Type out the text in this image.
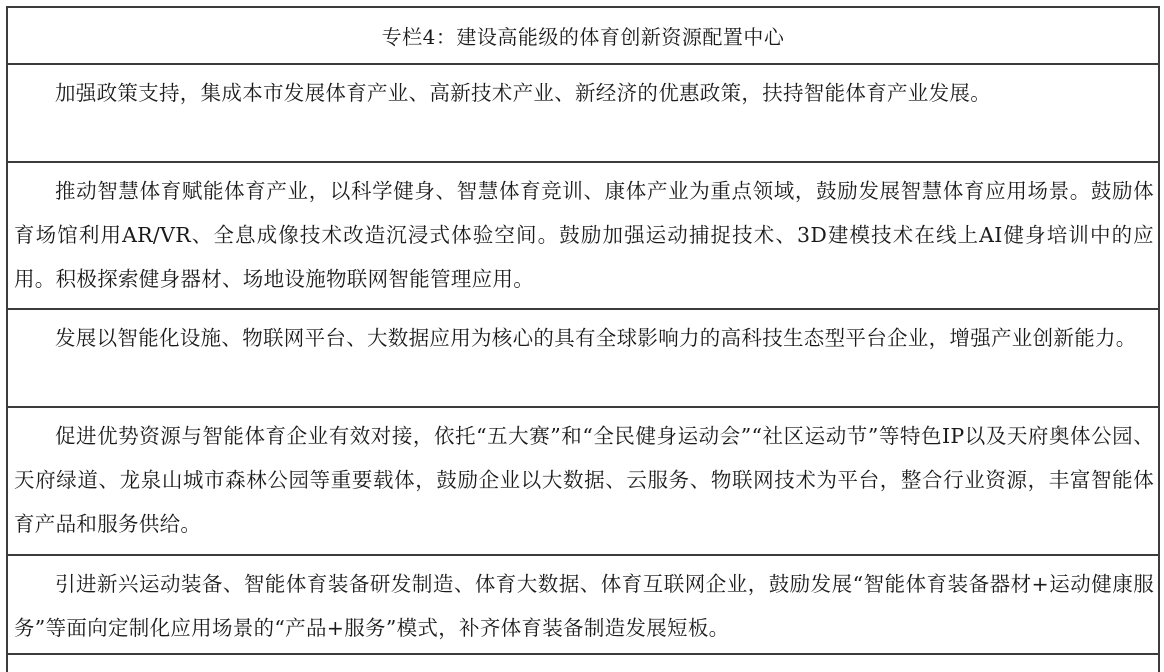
专栏4：建设高能级的体育创新资源配置中心
加强政策支持，集成本市发展体育产业、高新技术产业、新经济的优惠政策，扶持智能体育产业发展。
推动智慧体育赋能体育产业，以科学健身、智慧体育竞训、康体产业为重点领域，鼓励发展智慧体育应用场景。鼓励体育场馆利用AR/VR、全息成像技术改造沉浸式体验空间。鼓励加强运动捕捉技术、3D建模技术在线上AI健身培训中的应用。积极探索健身器材、场地设施物联网智能管理应用。
发展以智能化设施、物联网平台、大数据应用为核心的具有全球影响力的高科技生态型平台企业，增强产业创新能力。
促进优势资源与智能体育企业有效对接，依托“五大赛”和“全民健身运动会”“社区运动节”等特色IP以及天府奥体公园、天府绿道、龙泉山城市森林公园等重要载体，鼓励企业以大数据、云服务、物联网技术为平台，整合行业资源，丰富智能体育产品和服务供给。
引进新兴运动装备、智能体育装备研发制造、体育大数据、体育互联网企业，鼓励发展“智能体育装备器材+运动健康服务”等面向定制化应用场景的“产品+服务”模式，补齐体育装备制造发展短板。
